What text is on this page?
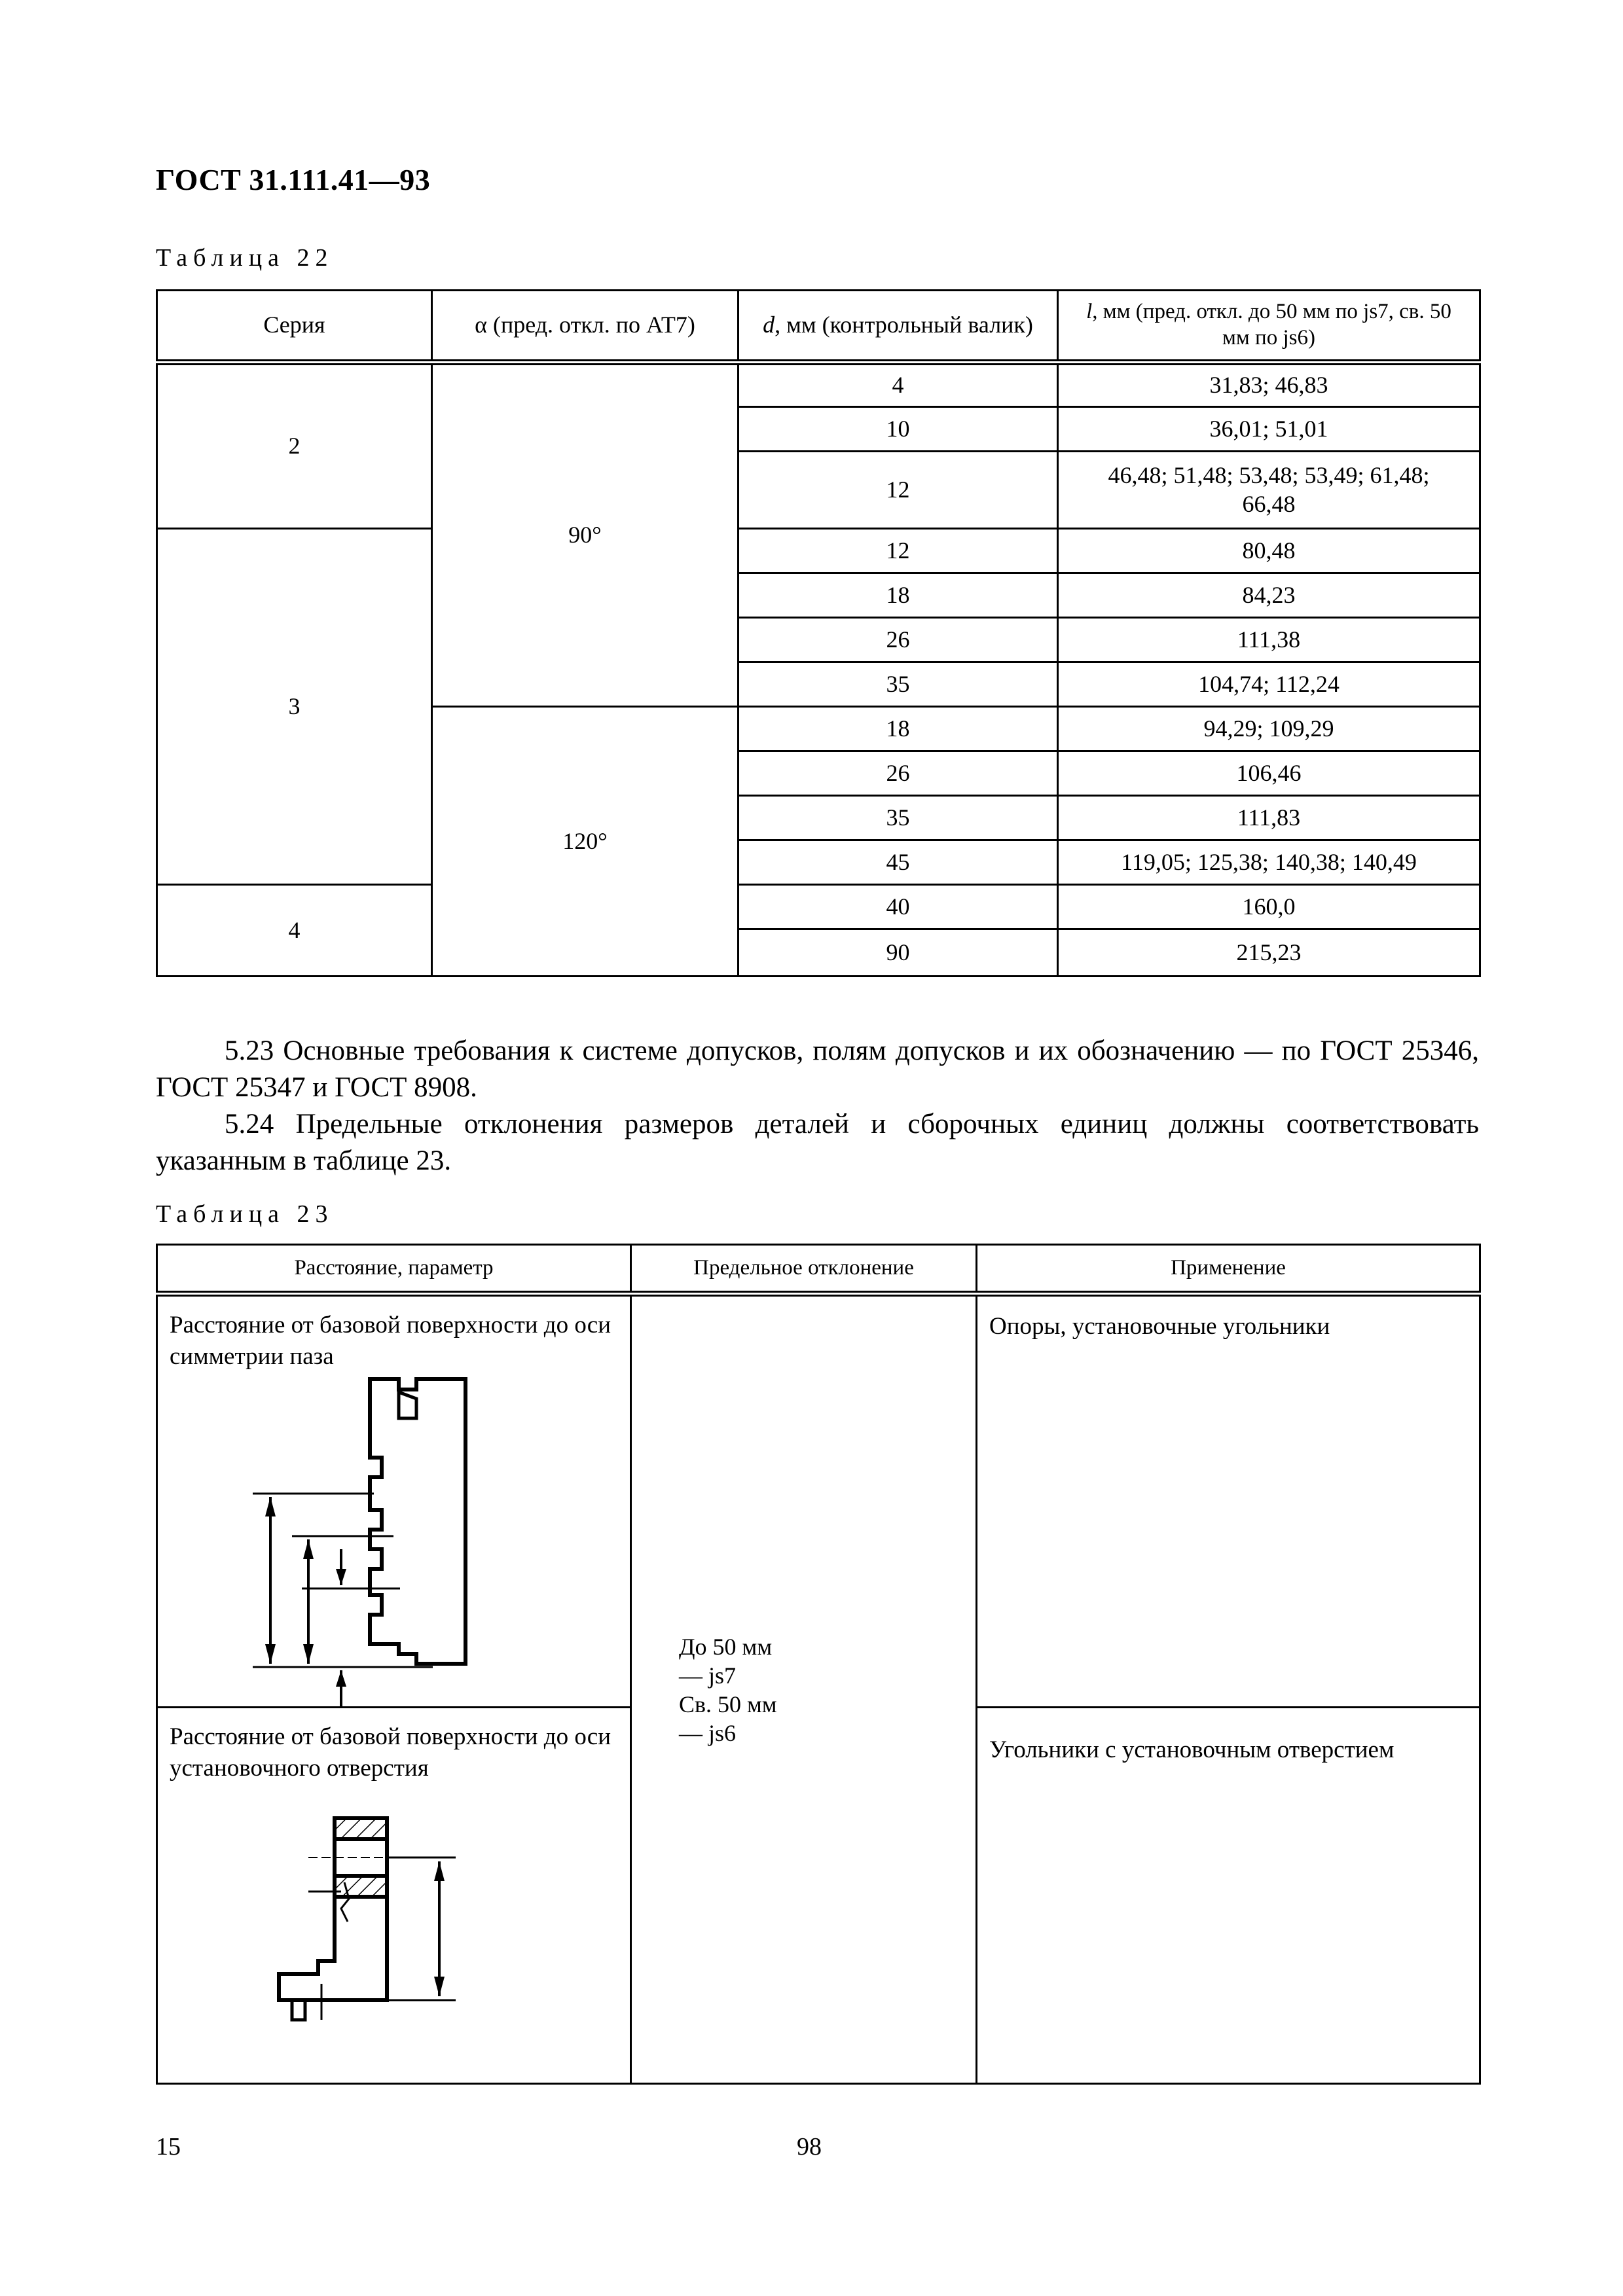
ГОСТ 31.111.41—93
Таблица 22
Серия	α (пред. откл. по АТ7)	d, мм (контрольный валик)	l, мм (пред. откл. до 50 мм по js7, св. 50 мм по js6)
2	90°	4	31,83; 46,83
		10	36,01; 51,01
		12	46,48; 51,48; 53,48; 53,49; 61,48; 66,48
3		12	80,48
		18	84,23
		26	111,38
		35	104,74; 112,24
	120°	18	94,29; 109,29
		26	106,46
		35	111,83
		45	119,05; 125,38; 140,38; 140,49
4		40	160,0
		90	215,23
5.23 Основные требования к системе допусков, полям допусков и их обозначению — по ГОСТ 25346, ГОСТ 25347 и ГОСТ 8908.
5.24 Предельные отклонения размеров деталей и сборочных единиц должны соответствовать указанным в таблице 23.
Таблица 23
Расстояние, параметр	Предельное отклонение	Применение

Расстояние от базовой поверхности до оси симметрии паза	До 50 мм
— js7
Св. 50 мм
— js6	Опоры, установочные угольники

Расстояние от базовой поверхности до оси установочного отверстия		Угольники с установочным отверстием
15	98
